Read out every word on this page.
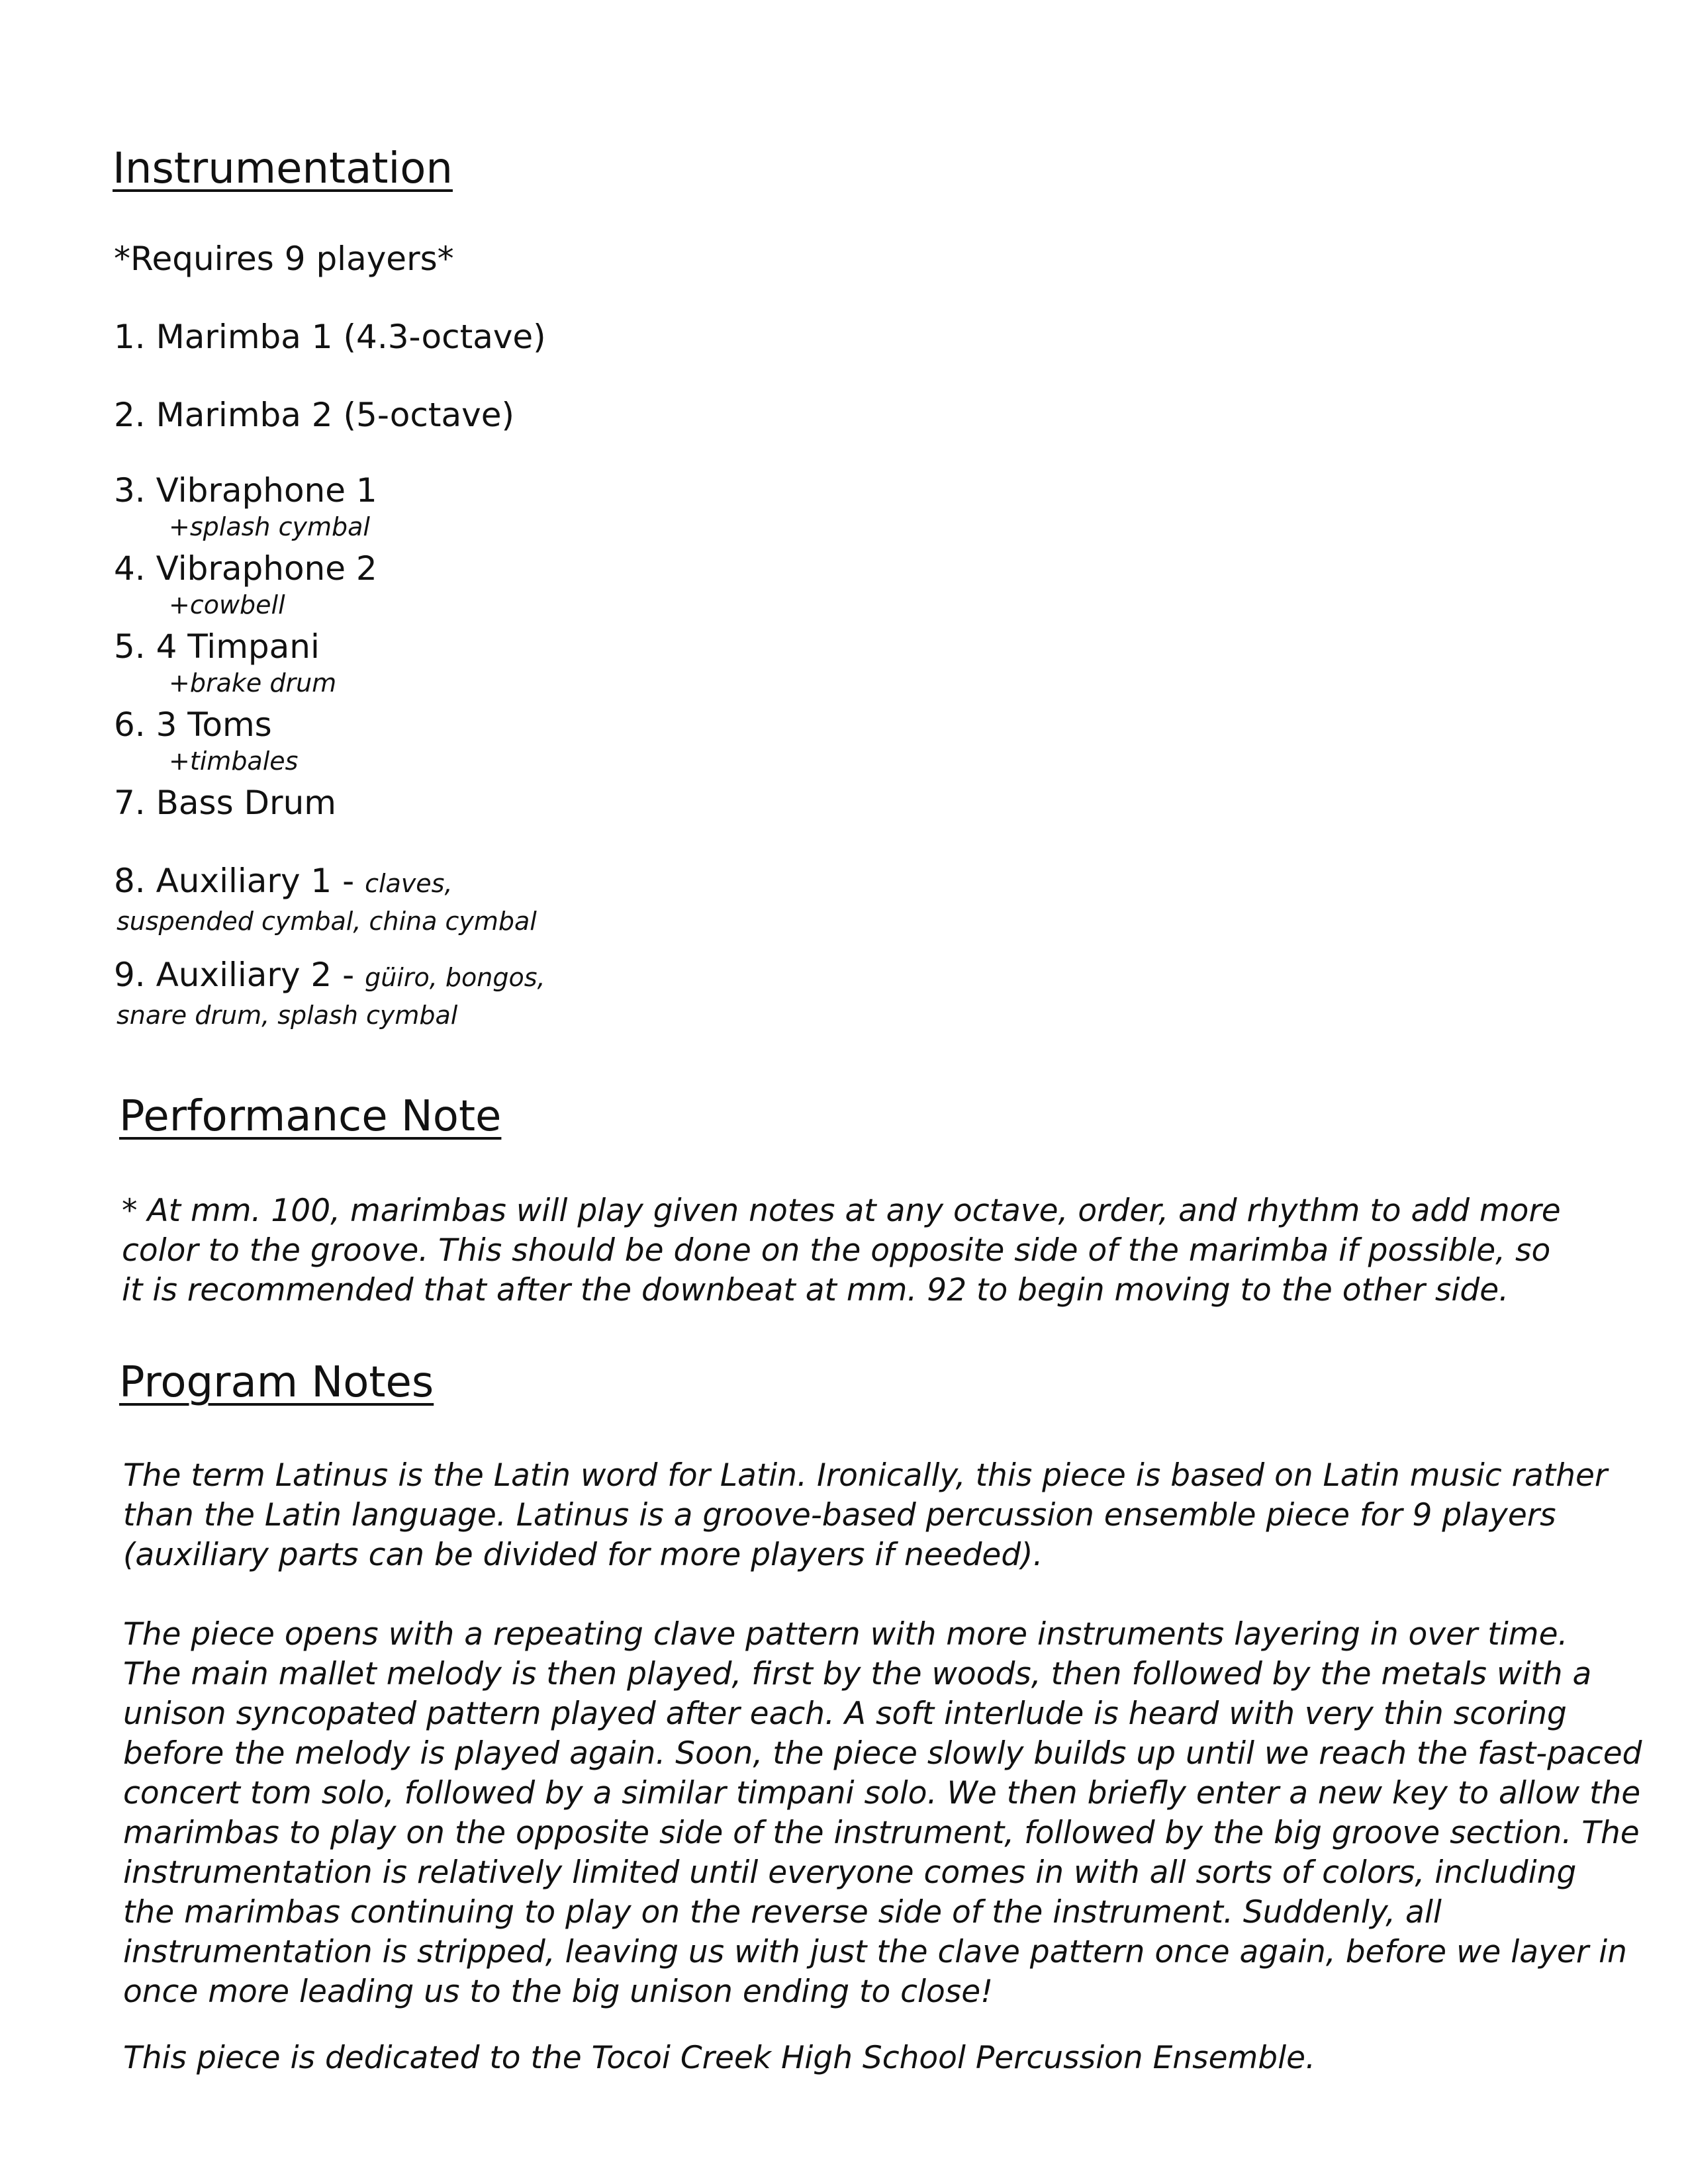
Instrumentation
*Requires 9 players*
1. Marimba 1 (4.3-octave)
2. Marimba 2 (5-octave)
3. Vibraphone 1
+splash cymbal
4. Vibraphone 2
+cowbell
5. 4 Timpani
+brake drum
6. 3 Toms
+timbales
7. Bass Drum
8. Auxiliary 1 - claves,
suspended cymbal, china cymbal
9. Auxiliary 2 - güiro, bongos,
snare drum, splash cymbal
Performance Note
* At mm. 100, marimbas will play given notes at any octave, order, and rhythm to add more
color to the groove. This should be done on the opposite side of the marimba if possible, so
it is recommended that after the downbeat at mm. 92 to begin moving to the other side.
Program Notes
The term Latinus is the Latin word for Latin. Ironically, this piece is based on Latin music rather
than the Latin language. Latinus is a groove-based percussion ensemble piece for 9 players
(auxiliary parts can be divided for more players if needed).
The piece opens with a repeating clave pattern with more instruments layering in over time.
The main mallet melody is then played, first by the woods, then followed by the metals with a
unison syncopated pattern played after each. A soft interlude is heard with very thin scoring
before the melody is played again. Soon, the piece slowly builds up until we reach the fast-paced
concert tom solo, followed by a similar timpani solo. We then briefly enter a new key to allow the
marimbas to play on the opposite side of the instrument, followed by the big groove section. The
instrumentation is relatively limited until everyone comes in with all sorts of colors, including
the marimbas continuing to play on the reverse side of the instrument. Suddenly, all
instrumentation is stripped, leaving us with just the clave pattern once again, before we layer in
once more leading us to the big unison ending to close!
This piece is dedicated to the Tocoi Creek High School Percussion Ensemble.
